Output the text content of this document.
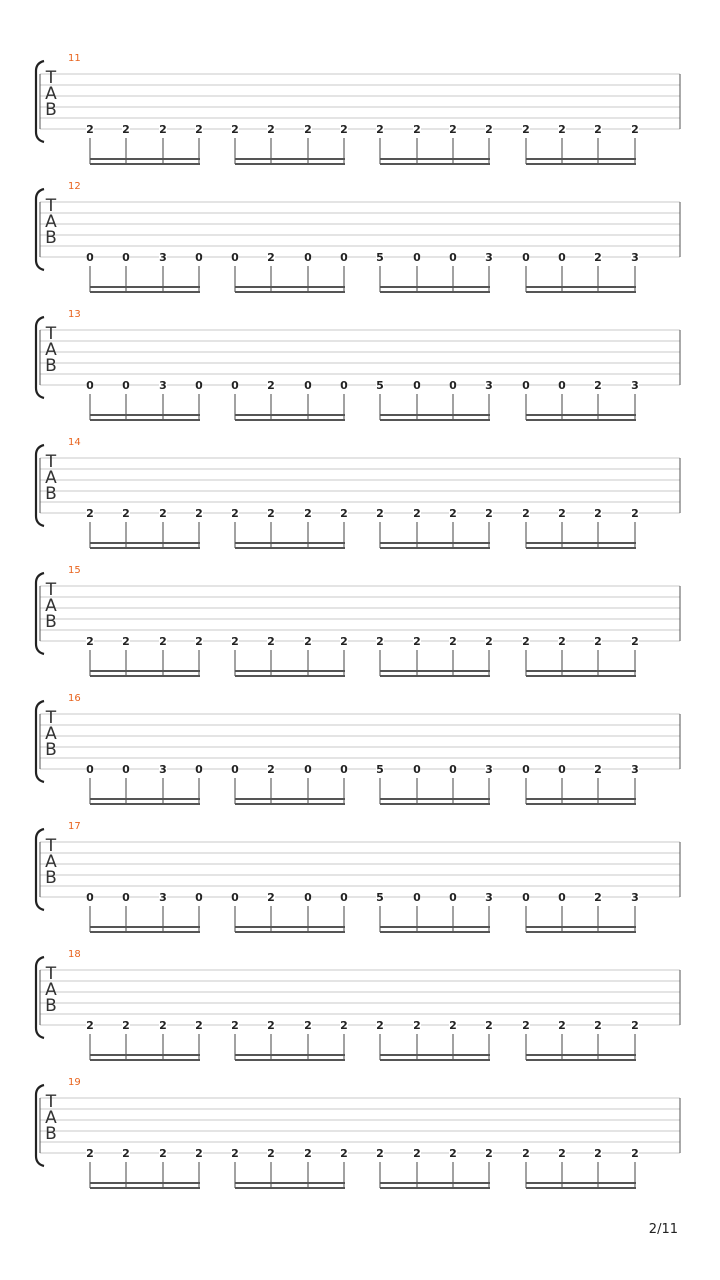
11
T
A
B
2	2	2	2	2	2	2	2	2	2	2	2	2	2	2	2
12
T
A
B
0	0	3	0	0	2	0	0	5	0	0	3	0	0	2	3
13
T
A
B
0	0	3	0	0	2	0	0	5	0	0	3	0	0	2	3
14
T
A
B
2	2	2	2	2	2	2	2	2	2	2	2	2	2	2	2
15
T
A
B
2	2	2	2	2	2	2	2	2	2	2	2	2	2	2	2
16
T
A
B
0	0	3	0	0	2	0	0	5	0	0	3	0	0	2	3
17
T
A
B
0	0	3	0	0	2	0	0	5	0	0	3	0	0	2	3
18
T
A
B
2	2	2	2	2	2	2	2	2	2	2	2	2	2	2	2
19
T
A
B
2	2	2	2	2	2	2	2	2	2	2	2	2	2	2	2
2/11
